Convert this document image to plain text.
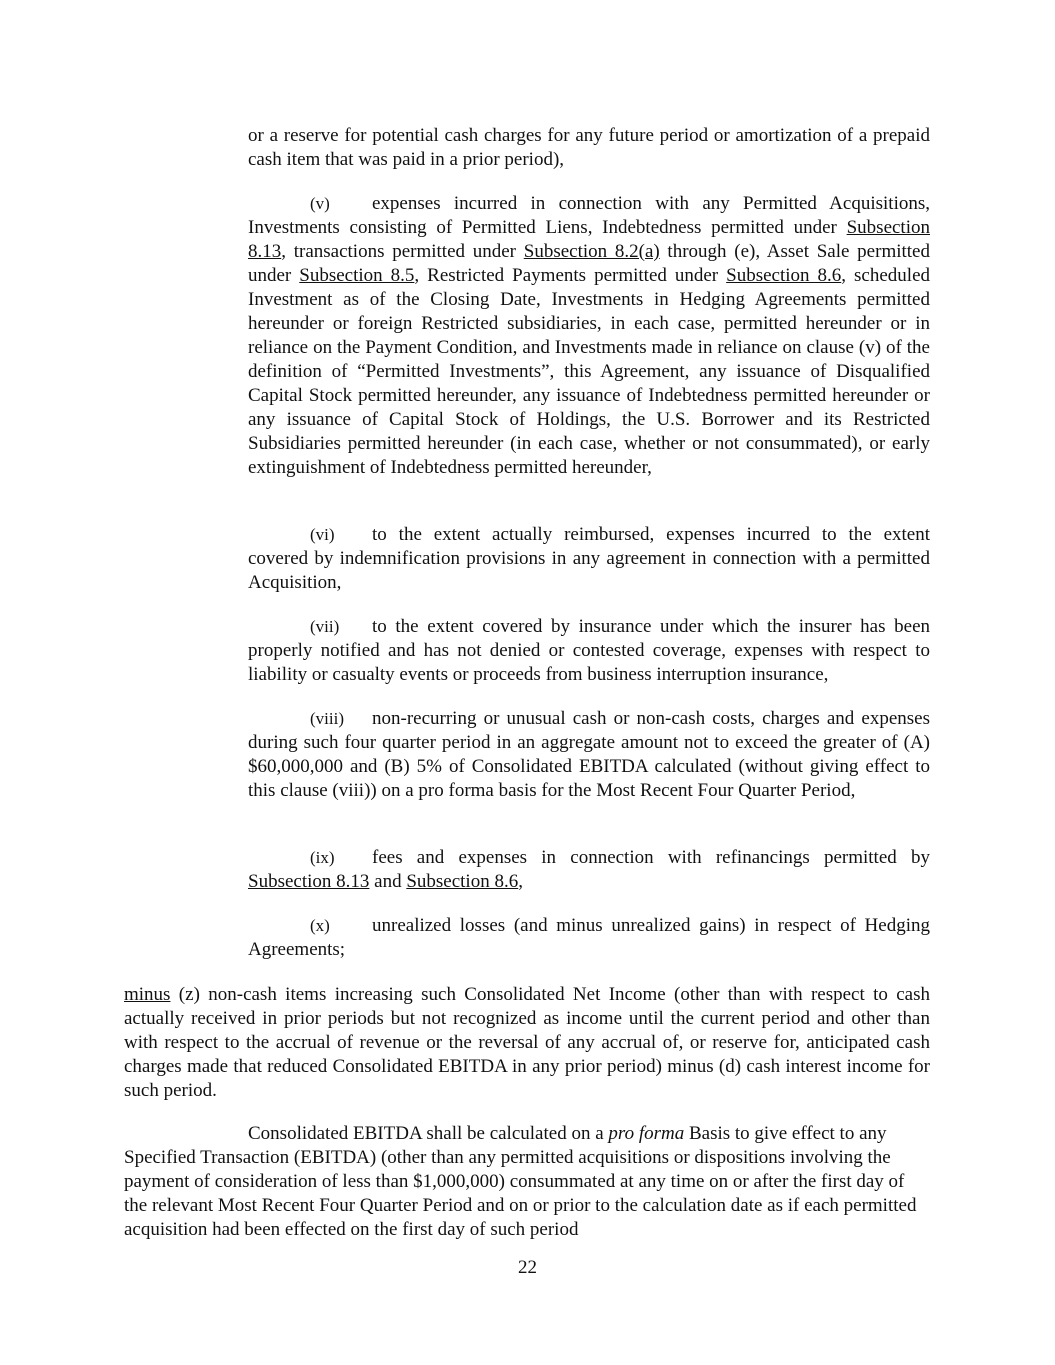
or a reserve for potential cash charges for any future period or amortization of a prepaid cash item that was paid in a prior period),

(v) expenses incurred in connection with any Permitted Acquisitions, Investments consisting of Permitted Liens, Indebtedness permitted under Subsection 8.13, transactions permitted under Subsection 8.2(a) through (e), Asset Sale permitted under Subsection 8.5, Restricted Payments permitted under Subsection 8.6, scheduled Investment as of the Closing Date, Investments in Hedging Agreements permitted hereunder or foreign Restricted subsidiaries, in each case, permitted hereunder or in reliance on the Payment Condition, and Investments made in reliance on clause (v) of the definition of “Permitted Investments”, this Agreement, any issuance of Disqualified Capital Stock permitted hereunder, any issuance of Indebtedness permitted hereunder or any issuance of Capital Stock of Holdings, the U.S. Borrower and its Restricted Subsidiaries permitted hereunder (in each case, whether or not consummated), or early extinguishment of Indebtedness permitted hereunder,

(vi) to the extent actually reimbursed, expenses incurred to the extent covered by indemnification provisions in any agreement in connection with a permitted Acquisition,

(vii) to the extent covered by insurance under which the insurer has been properly notified and has not denied or contested coverage, expenses with respect to liability or casualty events or proceeds from business interruption insurance,

(viii) non-recurring or unusual cash or non-cash costs, charges and expenses during such four quarter period in an aggregate amount not to exceed the greater of (A) $60,000,000 and (B) 5% of Consolidated EBITDA calculated (without giving effect to this clause (viii)) on a pro forma basis for the Most Recent Four Quarter Period,

(ix) fees and expenses in connection with refinancings permitted by Subsection 8.13 and Subsection 8.6,

(x) unrealized losses (and minus unrealized gains) in respect of Hedging Agreements;

minus (z) non-cash items increasing such Consolidated Net Income (other than with respect to cash actually received in prior periods but not recognized as income until the current period and other than with respect to the accrual of revenue or the reversal of any accrual of, or reserve for, anticipated cash charges made that reduced Consolidated EBITDA in any prior period) minus (d) cash interest income for such period.

Consolidated EBITDA shall be calculated on a pro forma Basis to give effect to any Specified Transaction (EBITDA) (other than any permitted acquisitions or dispositions involving the payment of consideration of less than $1,000,000) consummated at any time on or after the first day of the relevant Most Recent Four Quarter Period and on or prior to the calculation date as if each permitted acquisition had been effected on the first day of such period

22
